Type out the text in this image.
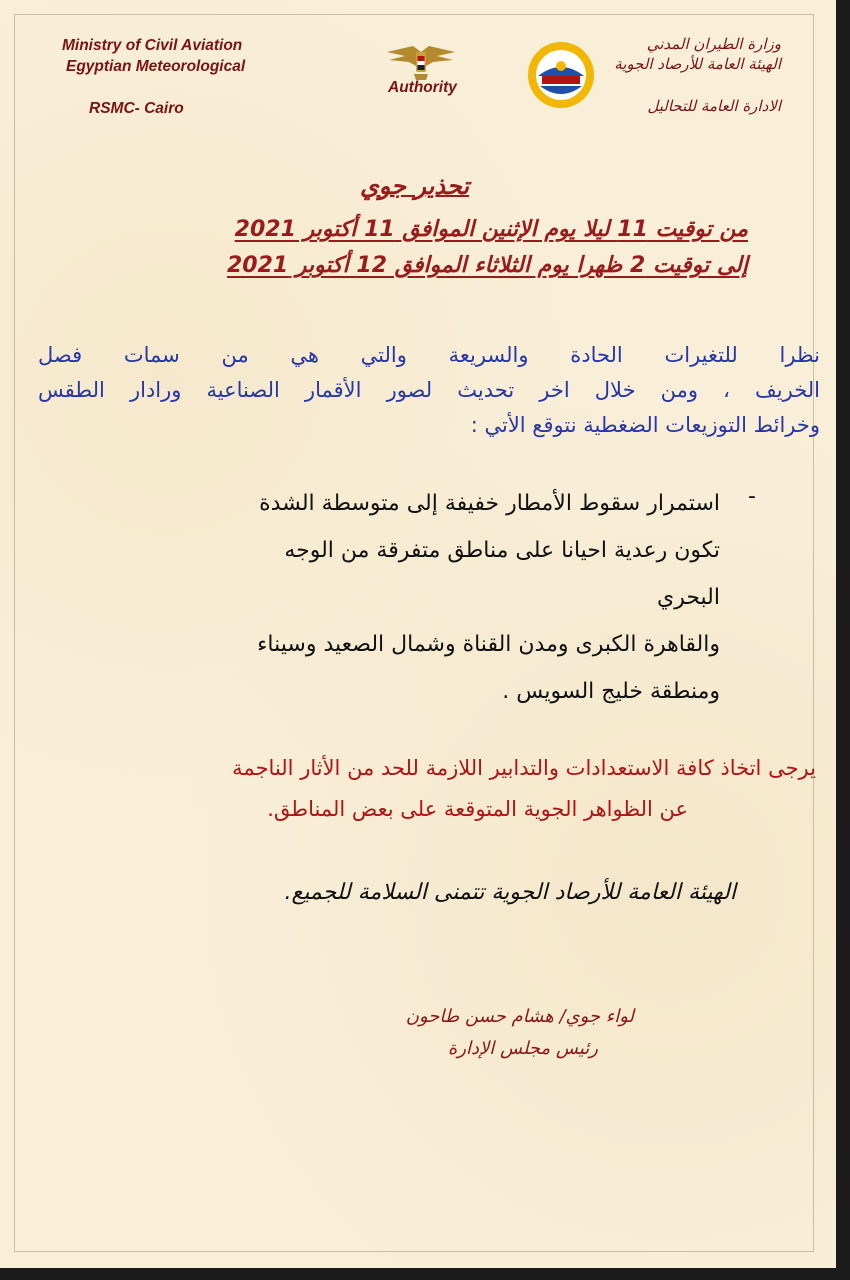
Ministry of Civil Aviation
Egyptian Meteorological
RSMC- Cairo
Authority
وزارة الطيران المدني
الهيئة العامة للأرصاد الجوية
الادارة العامة للتحاليل
تحذير جوي
من توقيت 11 ليلا يوم الإثنين الموافق 11 أكتوبر 2021
إلى توقيت 2 ظهرا يوم الثلاثاء الموافق 12 أكتوبر 2021
نظرا للتغيرات الحادة والسريعة والتي هي من سمات فصل
الخريف ، ومن خلال اخر تحديث لصور الأقمار الصناعية ورادار الطقس
وخرائط التوزيعات الضغطية نتوقع الأتي :
-
استمرار سقوط الأمطار خفيفة إلى متوسطة الشدة
تكون رعدية احيانا على مناطق متفرقة من الوجه
البحري
والقاهرة الكبرى ومدن القناة وشمال الصعيد وسيناء
ومنطقة خليج السويس .
يرجى اتخاذ كافة الاستعدادات والتدابير اللازمة للحد من الأثار الناجمة
عن الظواهر الجوية المتوقعة على بعض المناطق.
الهيئة العامة للأرصاد الجوية تتمنى السلامة للجميع.
لواء جوي/ هشام حسن طاحون
رئيس مجلس الإدارة
